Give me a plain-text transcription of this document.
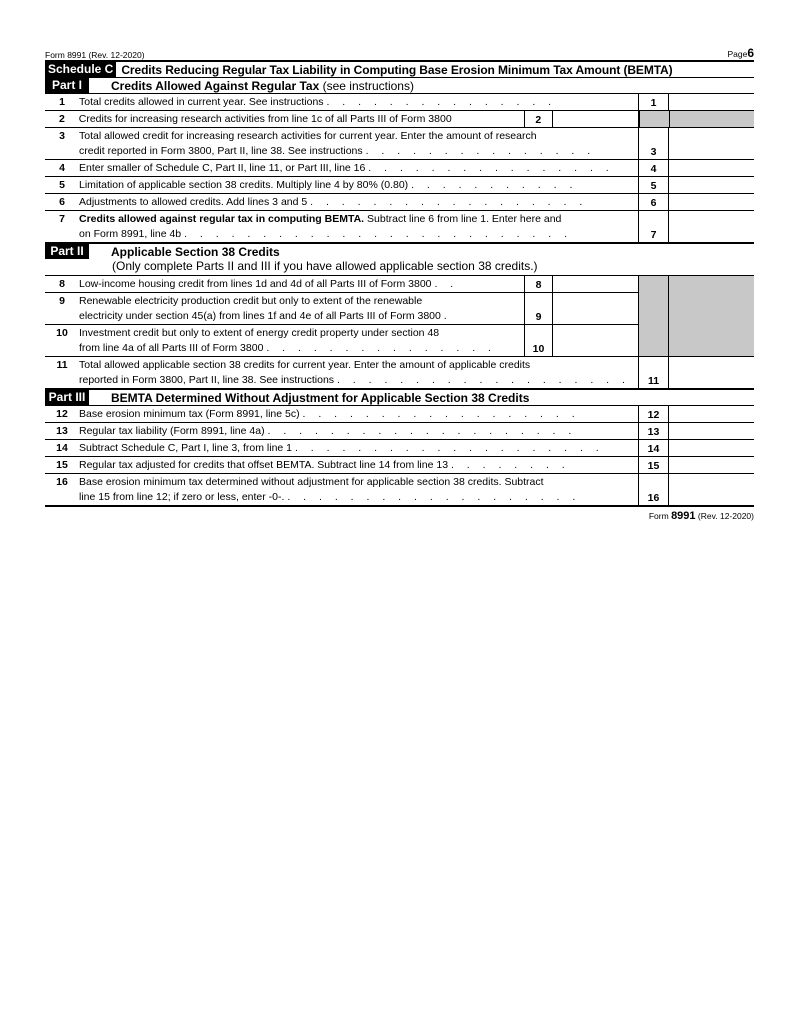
Form 8991 (Rev. 12-2020)	Page6
Schedule C Credits Reducing Regular Tax Liability in Computing Base Erosion Minimum Tax Amount (BEMTA)
Part I	Credits Allowed Against Regular Tax (see instructions)
1	Total credits allowed in current year. See instructions . . . . . . . . . . . . . . .	1
2	Credits for increasing research activities from line 1c of all Parts III of Form 3800	2
3	Total allowed credit for increasing research activities for current year. Enter the amount of research
credit reported in Form 3800, Part II, line 38. See instructions . . . . . . . . . . . . . . .	3
4	Enter smaller of Schedule C, Part II, line 11, or Part III, line 16 . . . . . . . . . . . . . . . .	4
5	Limitation of applicable section 38 credits. Multiply line 4 by 80% (0.80) . . . . . . . . . . .	5
6	Adjustments to allowed credits. Add lines 3 and 5 . . . . . . . . . . . . . . . . . .	6
7	Credits allowed against regular tax in computing BEMTA. Subtract line 6 from line 1. Enter here and
on Form 8991, line 4b . . . . . . . . . . . . . . . . . . . . . . . . .	7
Part II	Applicable Section 38 Credits
(Only complete Parts II and III if you have allowed applicable section 38 credits.)
8	Low-income housing credit from lines 1d and 4d of all Parts III of Form 3800 . .	8
9	Renewable electricity production credit but only to extent of the renewable
electricity under section 45(a) from lines 1f and 4e of all Parts III of Form 3800 .	9
10	Investment credit but only to extent of energy credit property under section 48
from line 4a of all Parts III of Form 3800 . . . . . . . . . . . . . . .	10
11	Total allowed applicable section 38 credits for current year. Enter the amount of applicable credits
reported in Form 3800, Part II, line 38. See instructions . . . . . . . . . . . . . . . . . . .	11
Part III	BEMTA Determined Without Adjustment for Applicable Section 38 Credits
12	Base erosion minimum tax (Form 8991, line 5c) . . . . . . . . . . . . . . . . . .	12
13	Regular tax liability (Form 8991, line 4a) . . . . . . . . . . . . . . . . . . . .	13
14	Subtract Schedule C, Part I, line 3, from line 1 . . . . . . . . . . . . . . . . . . . .	14
15	Regular tax adjusted for credits that offset BEMTA. Subtract line 14 from line 13 . . . . . . . .	15
16	Base erosion minimum tax determined without adjustment for applicable section 38 credits. Subtract
line 15 from line 12; if zero or less, enter -0-. . . . . . . . . . . . . . . . . . . .	16
Form 8991 (Rev. 12-2020)
